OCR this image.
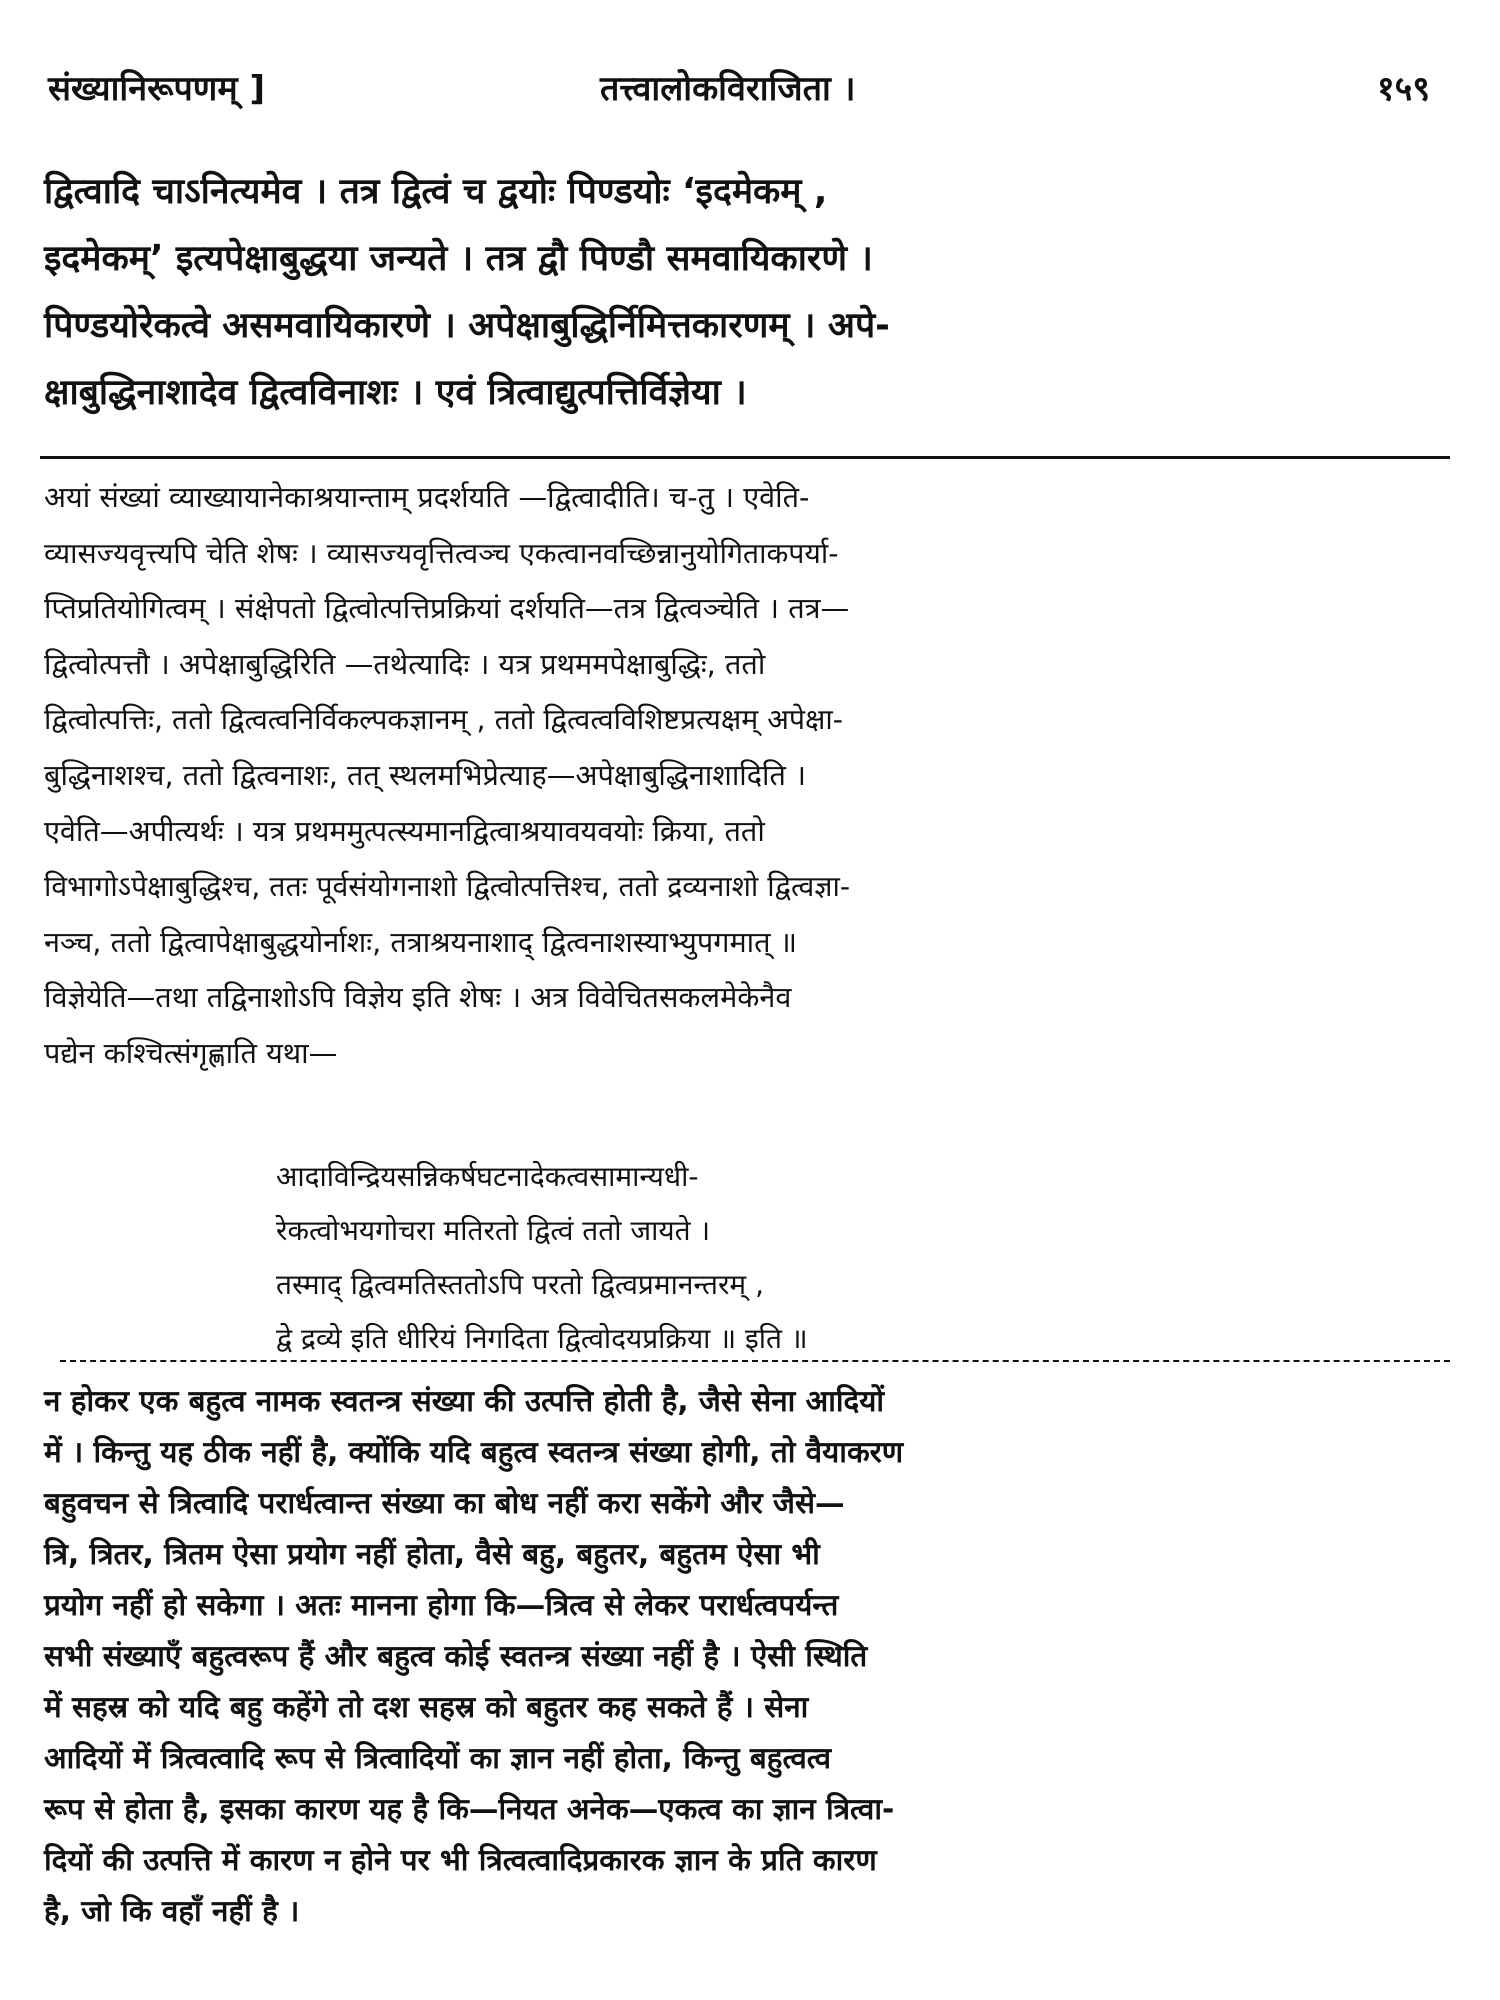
संख्यानिरूपणम् ]	तत्त्वालोकविराजिता ।	१५९
द्वित्वादि चाऽनित्यमेव । तत्र द्वित्वं च द्वयोः पिण्डयोः ‘इदमेकम् ,
इदमेकम्’ इत्यपेक्षाबुद्धया जन्यते । तत्र द्वौ पिण्डौ समवायिकारणे ।
पिण्डयोरेकत्वे असमवायिकारणे । अपेक्षाबुद्धिर्निमित्तकारणम् । अपे-
क्षाबुद्धिनाशादेव द्वित्वविनाशः । एवं त्रित्वाद्युत्पत्तिर्विज्ञेया ।
अयां संख्यां व्याख्यायानेकाश्रयान्ताम् प्रदर्शयति —द्वित्वादीति। च-तु । एवेति-
व्यासज्यवृत्त्यपि चेति शेषः । व्यासज्यवृत्तित्वञ्च एकत्वानवच्छिन्नानुयोगिताकपर्या-
प्तिप्रतियोगित्वम् । संक्षेपतो द्वित्वोत्पत्तिप्रक्रियां दर्शयति—तत्र द्वित्वञ्चेति । तत्र—
द्वित्वोत्पत्तौ । अपेक्षाबुद्धिरिति —तथेत्यादिः । यत्र प्रथममपेक्षाबुद्धिः, ततो
द्वित्वोत्पत्तिः, ततो द्वित्वत्वनिर्विकल्पकज्ञानम् , ततो द्वित्वत्वविशिष्टप्रत्यक्षम् अपेक्षा-
बुद्धिनाशश्च, ततो द्वित्वनाशः, तत् स्थलमभिप्रेत्याह—अपेक्षाबुद्धिनाशादिति ।
एवेति—अपीत्यर्थः । यत्र प्रथममुत्पत्स्यमानद्वित्वाश्रयावयवयोः क्रिया, ततो
विभागोऽपेक्षाबुद्धिश्च, ततः पूर्वसंयोगनाशो द्वित्वोत्पत्तिश्च, ततो द्रव्यनाशो द्वित्वज्ञा-
नञ्च, ततो द्वित्वापेक्षाबुद्धयोर्नाशः, तत्राश्रयनाशाद् द्वित्वनाशस्याभ्युपगमात् ॥
विज्ञेयेति—तथा तद्विनाशोऽपि विज्ञेय इति शेषः । अत्र विवेचितसकलमेकेनैव
पद्येन कश्चित्संगृह्णाति यथा—
आदाविन्द्रियसन्निकर्षघटनादेकत्वसामान्यधी-
रेकत्वोभयगोचरा मतिरतो द्वित्वं ततो जायते ।
तस्माद् द्वित्वमतिस्ततोऽपि परतो द्वित्वप्रमानन्तरम् ,
द्वे द्रव्ये इति धीरियं निगदिता द्वित्वोदयप्रक्रिया ॥ इति ॥
न होकर एक बहुत्व नामक स्वतन्त्र संख्या की उत्पत्ति होती है, जैसे सेना आदियों
में । किन्तु यह ठीक नहीं है, क्योंकि यदि बहुत्व स्वतन्त्र संख्या होगी, तो वैयाकरण
बहुवचन से त्रित्वादि परार्धत्वान्त संख्या का बोध नहीं करा सकेंगे और जैसे—
त्रि, त्रितर, त्रितम ऐसा प्रयोग नहीं होता, वैसे बहु, बहुतर, बहुतम ऐसा भी
प्रयोग नहीं हो सकेगा । अतः मानना होगा कि—त्रित्व से लेकर परार्धत्वपर्यन्त
सभी संख्याएँ बहुत्वरूप हैं और बहुत्व कोई स्वतन्त्र संख्या नहीं है । ऐसी स्थिति
में सहस्र को यदि बहु कहेंगे तो दश सहस्र को बहुतर कह सकते हैं । सेना
आदियों में त्रित्वत्वादि रूप से त्रित्वादियों का ज्ञान नहीं होता, किन्तु बहुत्वत्व
रूप से होता है, इसका कारण यह है कि—नियत अनेक—एकत्व का ज्ञान त्रित्वा-
दियों की उत्पत्ति में कारण न होने पर भी त्रित्वत्वादिप्रकारक ज्ञान के प्रति कारण
है, जो कि वहाँ नहीं है ।
